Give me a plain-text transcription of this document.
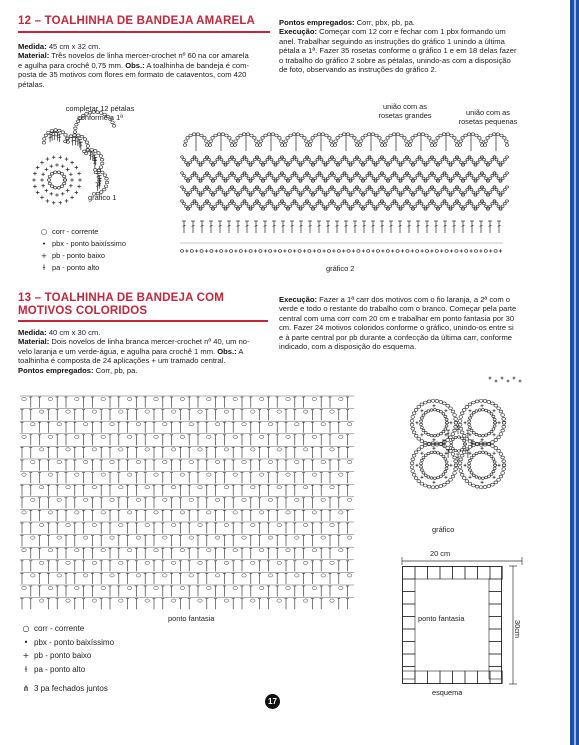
12 – TOALHINHA DE BANDEJA AMARELA
Medida: 45 cm x 32 cm.
Material: Três novelos de linha mercer-crochet nº 60 na cor amarela
e agulha para crochê 0,75 mm. Obs.: A toalhinha de bandeja é com-
posta de 35 motivos com flores em formato de cataventos, com 420
pétalas.
Pontos empregados: Corr, pbx, pb, pa.
Execução: Começar com 12 corr e fechar com 1 pbx formando um
anel. Trabalhar seguindo as instruções do gráfico 1 unindo a última
pétala a 1ª. Fazer 35 rosetas conforme o gráfico 1 e em 18 delas fazer
o trabalho do gráfico 2 sobre as pétalas, unindo-as com a disposição
de foto, observando as instruções do gráfico 2.
completar 12 pétalas
conforme a 1ª
gráfico 1
união com as
rosetas grandes	união com as
rosetas pequenas
gráfico 2
○ corr - corrente
• pbx - ponto baixíssimo
+ pb - ponto baixo
ɫ pa - ponto alto
13 – TOALHINHA DE BANDEJA COM
MOTIVOS COLORIDOS
Medida: 40 cm x 30 cm.
Material: Dois novelos de linha branca mercer-crochet nº 40, um no-
velo laranja e um verde-água, e agulha para crochê 1 mm. Obs.: A
toalhinha é composta de 24 aplicações + um tramado central.
Pontos empregados: Corr, pb, pa.
Execução: Fazer a 1ª carr dos motivos com o fio laranja, a 2ª com o
verde e todo o restante do trabalho com o branco. Começar pela parte
central com uma corr com 20 cm e trabalhar em ponto fantasia por 30
cm. Fazer 24 motivos coloridos conforme o gráfico, unindo-os entre si
e à parte central por pb durante a confecção da última carr, conforme
indicado, com a disposição do esquema.
ponto fantasia
gráfico
20 cm
ponto fantasia
30cm
esquema
○ corr - corrente
• pbx - ponto baixíssimo
+ pb - ponto baixo
ɫ pa - ponto alto
⋔ 3 pa fechados juntos
17
